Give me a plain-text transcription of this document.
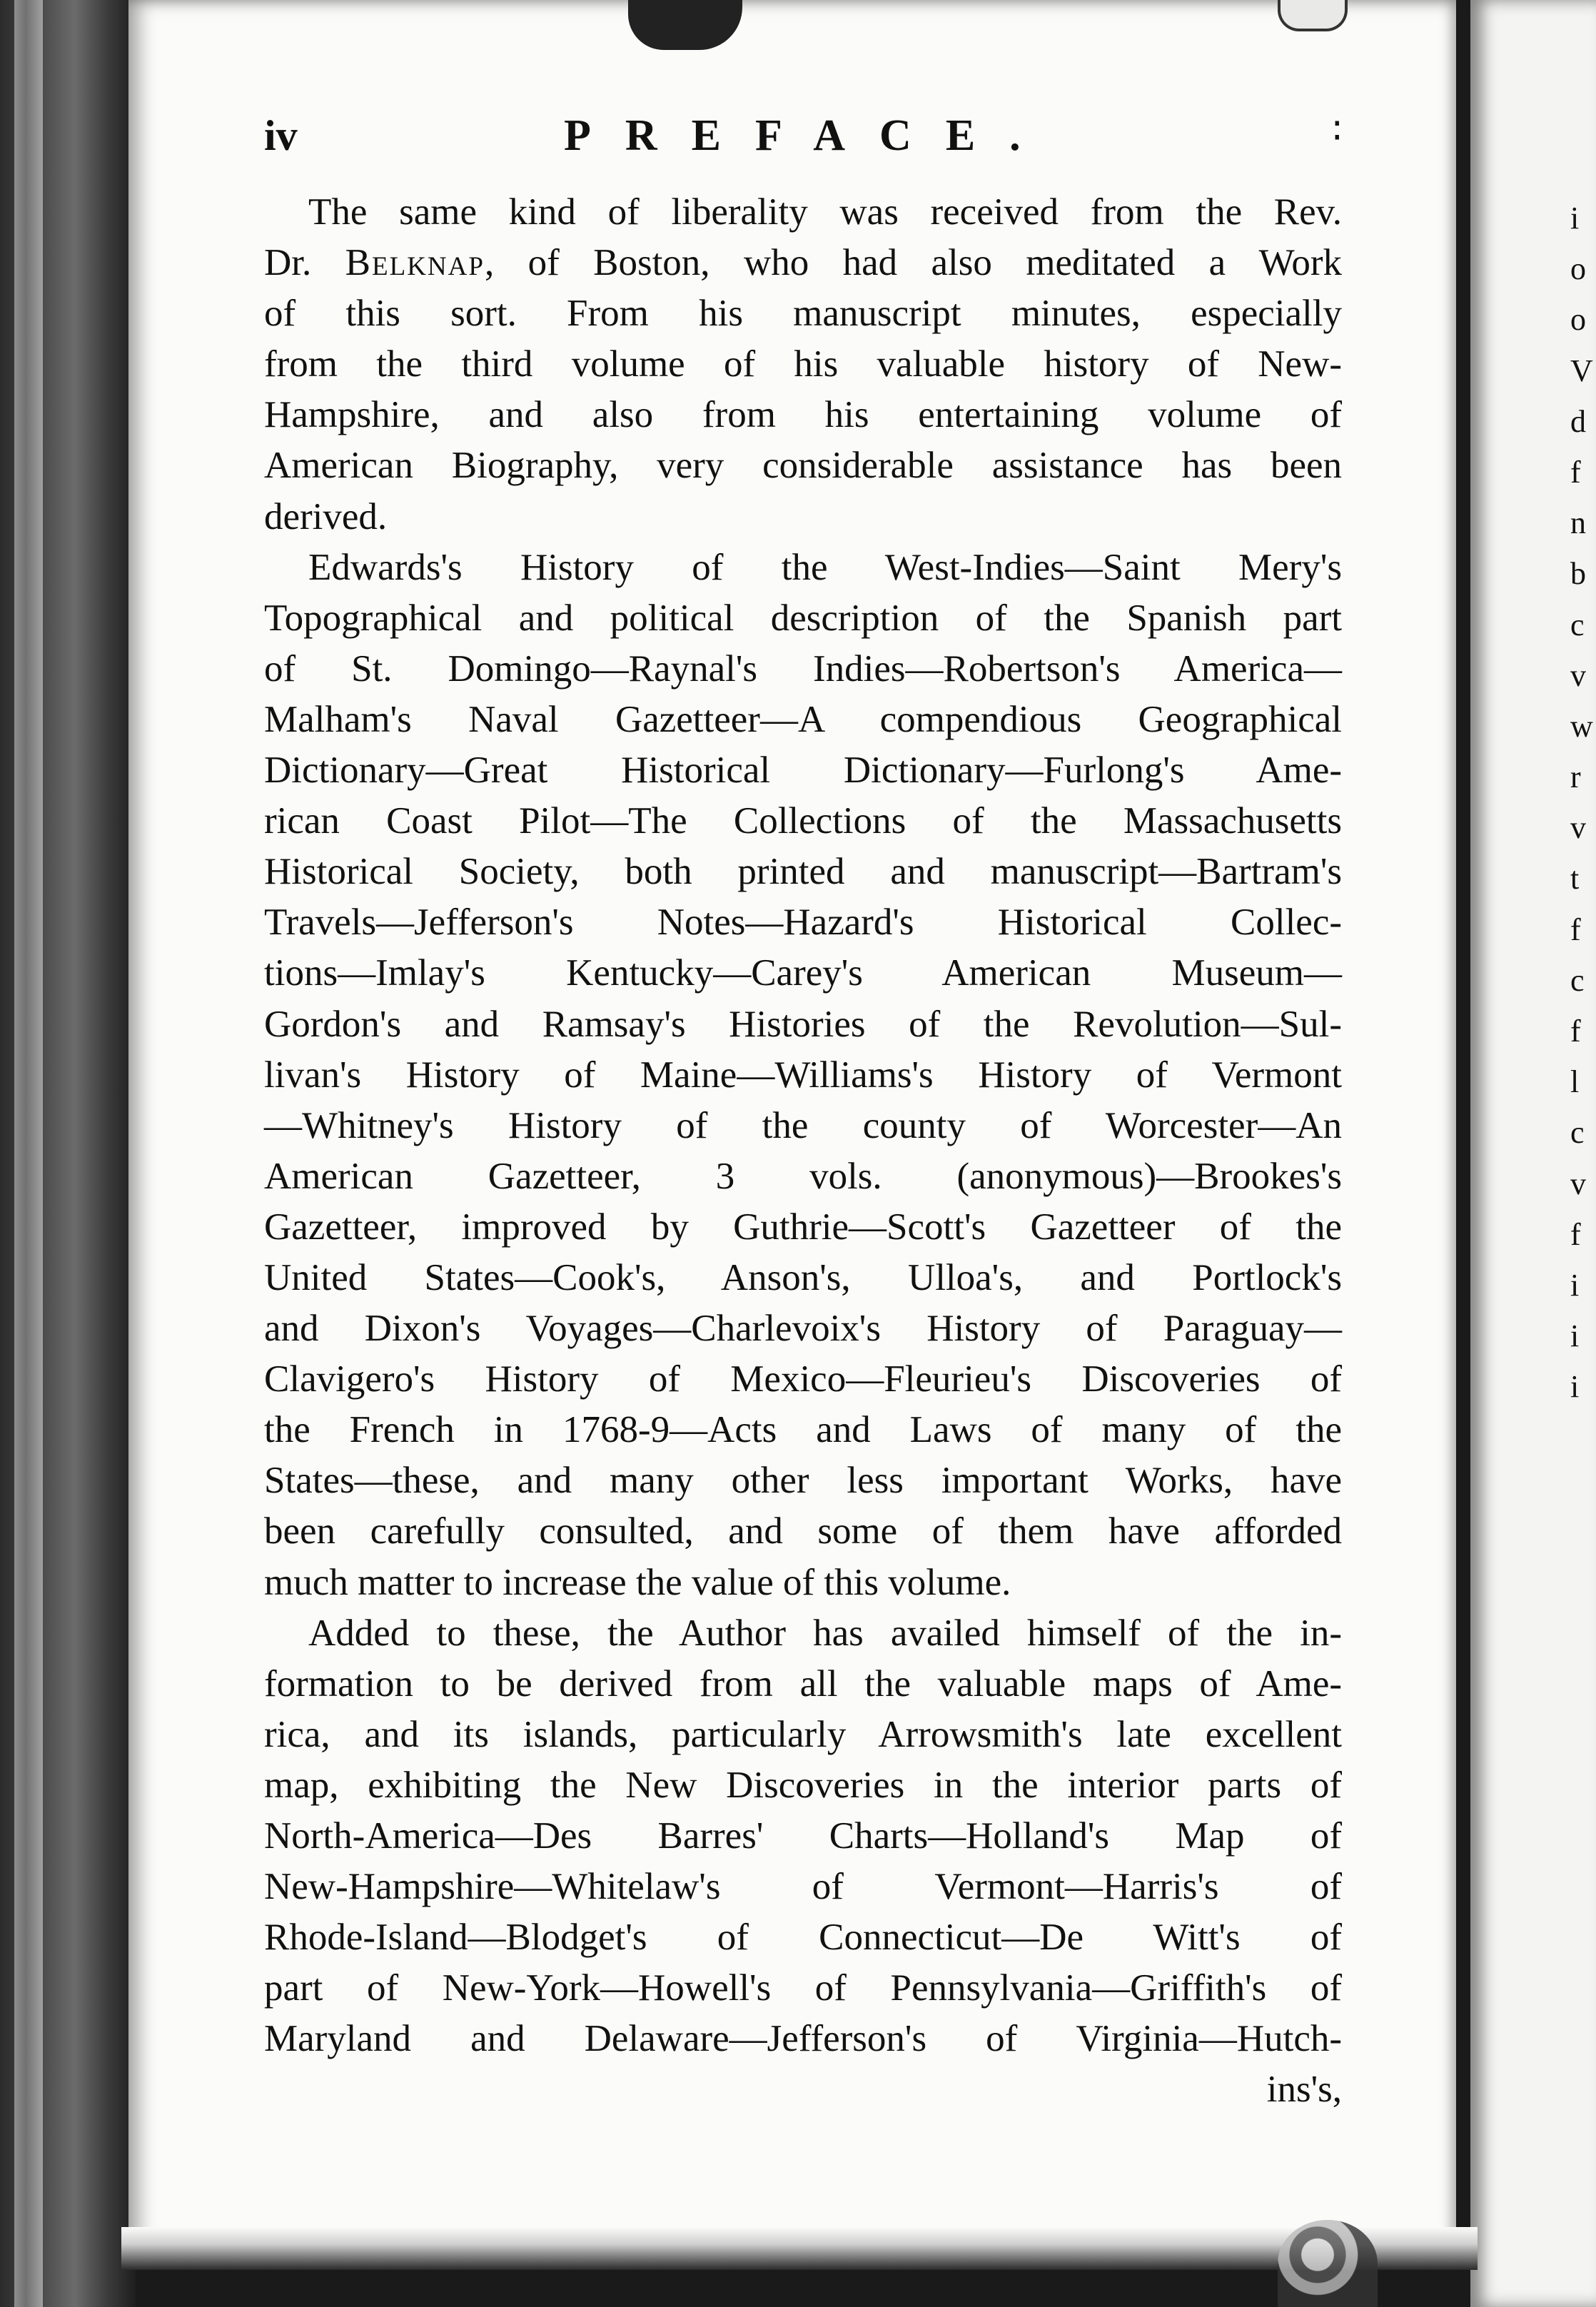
i
o
o
V
d
f
n
b
c
v
w
r
v
t
f
c
f
l
c
v
f
i
i
i
iv	PREFACE.	∶
The same kind of liberality was received from the Rev.
Dr. Belknap, of Boston, who had also meditated a Work
of this sort. From his manuscript minutes, especially
from the third volume of his valuable history of New-
Hampshire, and also from his entertaining volume of
American Biography, very considerable assistance has been
derived.
Edwards's History of the West-Indies—Saint Mery's
Topographical and political description of the Spanish part
of St. Domingo—Raynal's Indies—Robertson's America—
Malham's Naval Gazetteer—A compendious Geographical
Dictionary—Great Historical Dictionary—Furlong's Ame-
rican Coast Pilot—The Collections of the Massachusetts
Historical Society, both printed and manuscript—Bartram's
Travels—Jefferson's Notes—Hazard's Historical Collec-
tions—Imlay's Kentucky—Carey's American Museum—
Gordon's and Ramsay's Histories of the Revolution—Sul-
livan's History of Maine—Williams's History of Vermont
—Whitney's History of the county of Worcester—An
American Gazetteer, 3 vols. (anonymous)—Brookes's
Gazetteer, improved by Guthrie—Scott's Gazetteer of the
United States—Cook's, Anson's, Ulloa's, and Portlock's
and Dixon's Voyages—Charlevoix's History of Paraguay—
Clavigero's History of Mexico—Fleurieu's Discoveries of
the French in 1768-9—Acts and Laws of many of the
States—these, and many other less important Works, have
been carefully consulted, and some of them have afforded
much matter to increase the value of this volume.
Added to these, the Author has availed himself of the in-
formation to be derived from all the valuable maps of Ame-
rica, and its islands, particularly Arrowsmith's late excellent
map, exhibiting the New Discoveries in the interior parts of
North-America—Des Barres' Charts—Holland's Map of
New-Hampshire—Whitelaw's of Vermont—Harris's of
Rhode-Island—Blodget's of Connecticut—De Witt's of
part of New-York—Howell's of Pennsylvania—Griffith's of
Maryland and Delaware—Jefferson's of Virginia—Hutch-
ins's,
